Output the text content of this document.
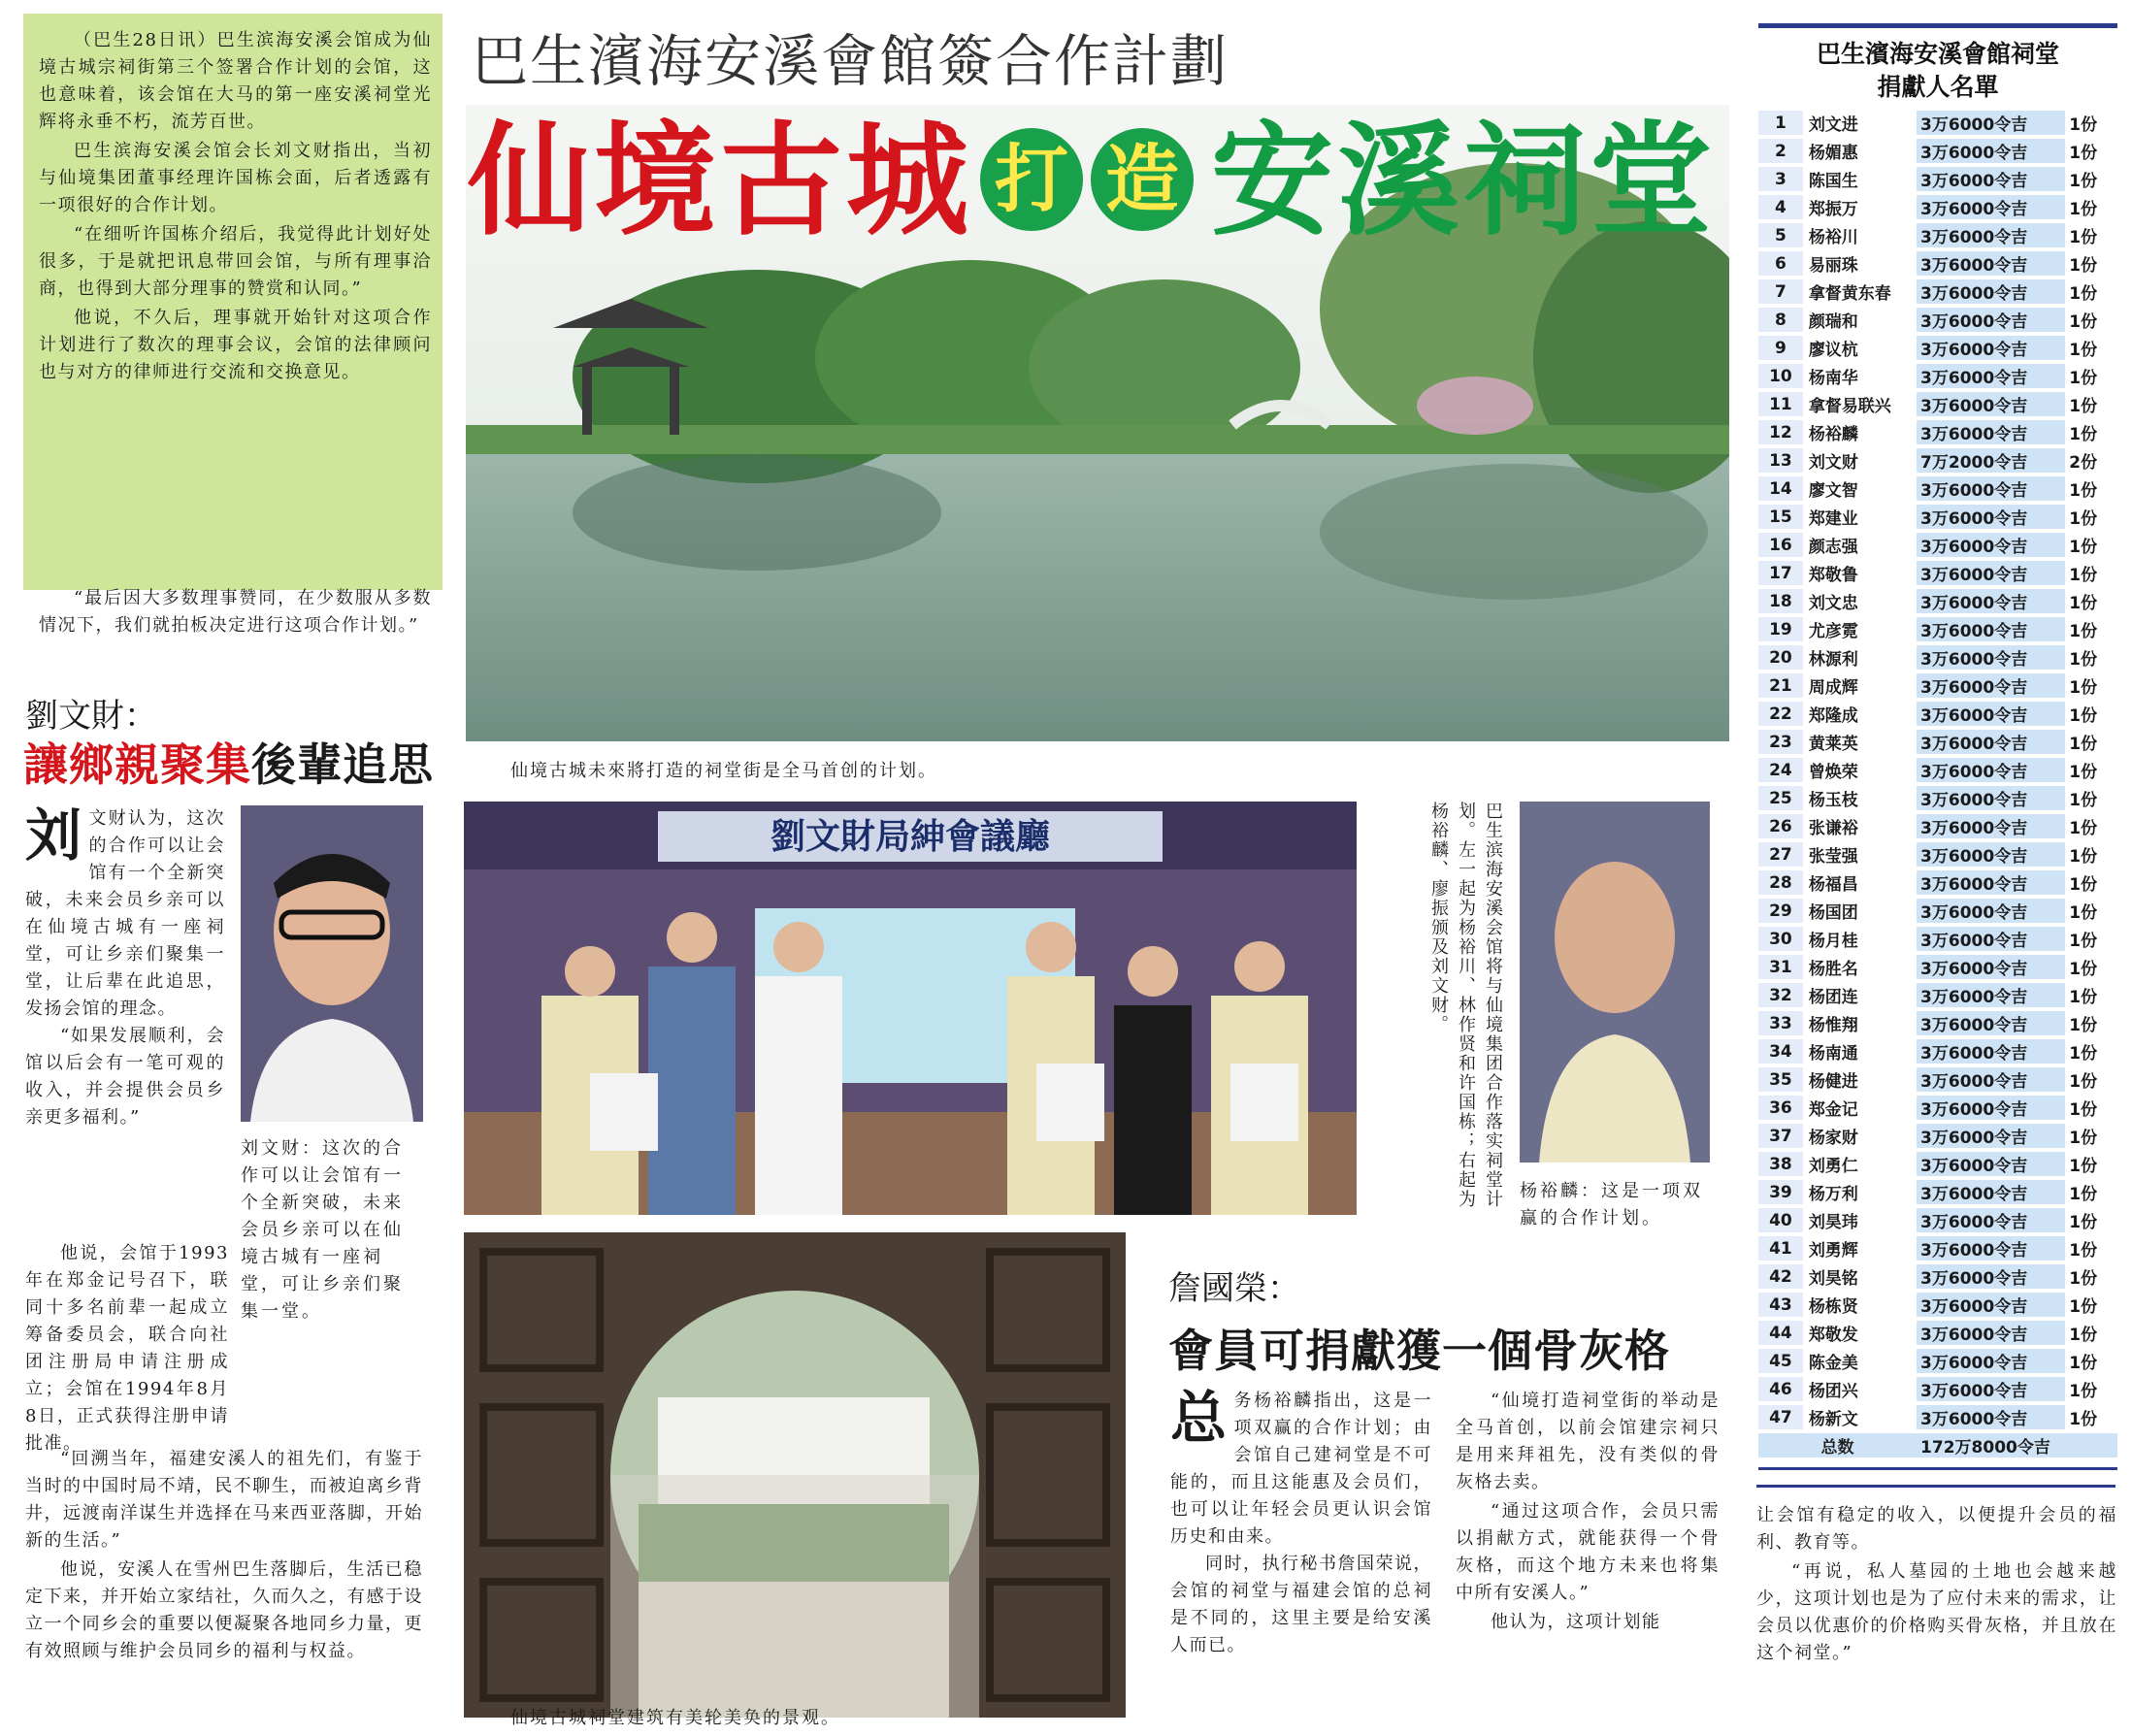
（巴生28日讯）巴生滨海安溪会馆成为仙境古城宗祠街第三个签署合作计划的会馆，这也意味着，该会馆在大马的第一座安溪祠堂光辉将永垂不朽，流芳百世。

巴生滨海安溪会馆会长刘文财指出，当初与仙境集团董事经理许国栋会面，后者透露有一项很好的合作计划。

“在细听许国栋介绍后，我觉得此计划好处很多，于是就把讯息带回会馆，与所有理事洽商，也得到大部分理事的赞赏和认同。”

他说，不久后，理事就开始针对这项合作计划进行了数次的理事会议，会馆的法律顾问也与对方的律师进行交流和交换意见。

“最后因大多数理事赞同，在少数服从多数情况下，我们就拍板决定进行这项合作计划。”

巴生濱海安溪會館簽合作計劃
仙境古城 打 造 安溪祠堂
仙境古城未來將打造的祠堂街是全马首创的计划。
劉文財局紳會議廳	巴生滨海安溪会馆将与仙境集团合作落实祠堂计划。左一起为杨裕川、林作贤和许国栋；右起为杨裕麟、廖振颁及刘文财。
杨裕麟：这是一项双赢的合作计划。
仙境古城祠堂建筑有美轮美奂的景观。
劉文財：
讓鄉親聚集後輩追思
刘 文财认为，这次的合作可以让会馆有一个全新突破，未来会员乡亲可以在仙境古城有一座祠堂，可让乡亲们聚集一堂，让后辈在此追思，发扬会馆的理念。

“如果发展顺利，会馆以后会有一笔可观的收入，并会提供会员乡亲更多福利。”

刘文财：这次的合作可以让会馆有一个全新突破，未来会员乡亲可以在仙境古城有一座祠堂，可让乡亲们聚集一堂。

他说，会馆于1993年在郑金记号召下，联同十多名前辈一起成立筹备委员会，联合向社团注册局申请注册成立；会馆在1994年8月8日，正式获得注册申请批准。

“回溯当年，福建安溪人的祖先们，有鉴于当时的中国时局不靖，民不聊生，而被迫离乡背井，远渡南洋谋生并选择在马来西亚落脚，开始新的生活。”

他说，安溪人在雪州巴生落脚后，生活已稳定下来，并开始立家结社，久而久之，有感于设立一个同乡会的重要以便凝聚各地同乡力量，更有效照顾与维护会员同乡的福利与权益。

詹國榮：
會員可捐獻獲一個骨灰格
总 务杨裕麟指出，这是一项双赢的合作计划；由会馆自己建祠堂是不可能的，而且这能惠及会员们，也可以让年轻会员更认识会馆历史和由来。

同时，执行秘书詹国荣说，会馆的祠堂与福建会馆的总祠是不同的，这里主要是给安溪人而已。

“仙境打造祠堂街的举动是全马首创，以前会馆建宗祠只是用来拜祖先，没有类似的骨灰格去卖。

“通过这项合作，会员只需以捐献方式，就能获得一个骨灰格，而这个地方未来也将集中所有安溪人。”

他认为，这项计划能

让会馆有稳定的收入，以便提升会员的福利、教育等。

“再说，私人墓园的土地也会越来越少，这项计划也是为了应付未来的需求，让会员以优惠价的价格购买骨灰格，并且放在这个祠堂。”

巴生濱海安溪會館祠堂
捐獻人名單
1	刘文进	3万6000令吉	1份
2	杨媚惠	3万6000令吉	1份
3	陈国生	3万6000令吉	1份
4	郑振万	3万6000令吉	1份
5	杨裕川	3万6000令吉	1份
6	易丽珠	3万6000令吉	1份
7	拿督黄东春	3万6000令吉	1份
8	颜瑞和	3万6000令吉	1份
9	廖议杭	3万6000令吉	1份
10	杨南华	3万6000令吉	1份
11	拿督易联兴	3万6000令吉	1份
12	杨裕麟	3万6000令吉	1份
13	刘文财	7万2000令吉	2份
14	廖文智	3万6000令吉	1份
15	郑建业	3万6000令吉	1份
16	颜志强	3万6000令吉	1份
17	郑敬鲁	3万6000令吉	1份
18	刘文忠	3万6000令吉	1份
19	尤彦霓	3万6000令吉	1份
20	林源利	3万6000令吉	1份
21	周成辉	3万6000令吉	1份
22	郑隆成	3万6000令吉	1份
23	黄莱英	3万6000令吉	1份
24	曾焕荣	3万6000令吉	1份
25	杨玉枝	3万6000令吉	1份
26	张谦裕	3万6000令吉	1份
27	张莹强	3万6000令吉	1份
28	杨福昌	3万6000令吉	1份
29	杨国团	3万6000令吉	1份
30	杨月桂	3万6000令吉	1份
31	杨胜名	3万6000令吉	1份
32	杨团连	3万6000令吉	1份
33	杨惟翔	3万6000令吉	1份
34	杨南通	3万6000令吉	1份
35	杨健进	3万6000令吉	1份
36	郑金记	3万6000令吉	1份
37	杨家财	3万6000令吉	1份
38	刘勇仁	3万6000令吉	1份
39	杨万利	3万6000令吉	1份
40	刘昊玮	3万6000令吉	1份
41	刘勇辉	3万6000令吉	1份
42	刘昊铭	3万6000令吉	1份
43	杨栋贤	3万6000令吉	1份
44	郑敬发	3万6000令吉	1份
45	陈金美	3万6000令吉	1份
46	杨团兴	3万6000令吉	1份
47	杨新文	3万6000令吉	1份
总数		172万8000令吉	
